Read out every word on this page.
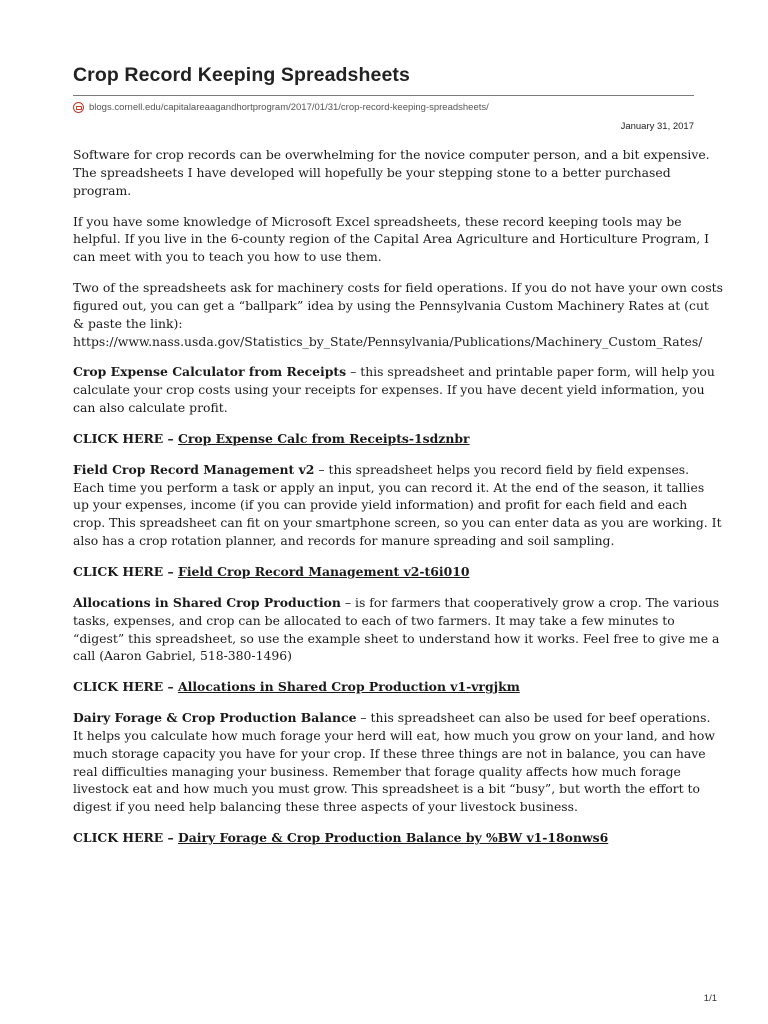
Crop Record Keeping Spreadsheets
blogs.cornell.edu/capitalareaagandhortprogram/2017/01/31/crop-record-keeping-spreadsheets/
January 31, 2017

Software for crop records can be overwhelming for the novice computer person, and a bit expensive. The spreadsheets I have developed will hopefully be your stepping stone to a better purchased program.

If you have some knowledge of Microsoft Excel spreadsheets, these record keeping tools may be helpful. If you live in the 6-county region of the Capital Area Agriculture and Horticulture Program, I can meet with you to teach you how to use them.

Two of the spreadsheets ask for machinery costs for field operations. If you do not have your own costs figured out, you can get a “ballpark” idea by using the Pennsylvania Custom Machinery Rates at (cut & paste the link):

https://www.nass.usda.gov/Statistics_by_State/Pennsylvania/Publications/Machinery_Custom_Rates/

Crop Expense Calculator from Receipts – this spreadsheet and printable paper form, will help you calculate your crop costs using your receipts for expenses. If you have decent yield information, you can also calculate profit.

CLICK HERE – Crop Expense Calc from Receipts-1sdznbr

Field Crop Record Management v2 – this spreadsheet helps you record field by field expenses. Each time you perform a task or apply an input, you can record it. At the end of the season, it tallies up your expenses, income (if you can provide yield information) and profit for each field and each crop. This spreadsheet can fit on your smartphone screen, so you can enter data as you are working. It also has a crop rotation planner, and records for manure spreading and soil sampling.

CLICK HERE – Field Crop Record Management v2-t6i010

Allocations in Shared Crop Production – is for farmers that cooperatively grow a crop. The various tasks, expenses, and crop can be allocated to each of two farmers. It may take a few minutes to “digest” this spreadsheet, so use the example sheet to understand how it works. Feel free to give me a call (Aaron Gabriel, 518-380-1496)

CLICK HERE – Allocations in Shared Crop Production v1-vrgjkm

Dairy Forage & Crop Production Balance – this spreadsheet can also be used for beef operations. It helps you calculate how much forage your herd will eat, how much you grow on your land, and how much storage capacity you have for your crop. If these three things are not in balance, you can have real difficulties managing your business. Remember that forage quality affects how much forage livestock eat and how much you must grow. This spreadsheet is a bit “busy”, but worth the effort to digest if you need help balancing these three aspects of your livestock business.

CLICK HERE – Dairy Forage & Crop Production Balance by %BW v1-18onws6

1/1
